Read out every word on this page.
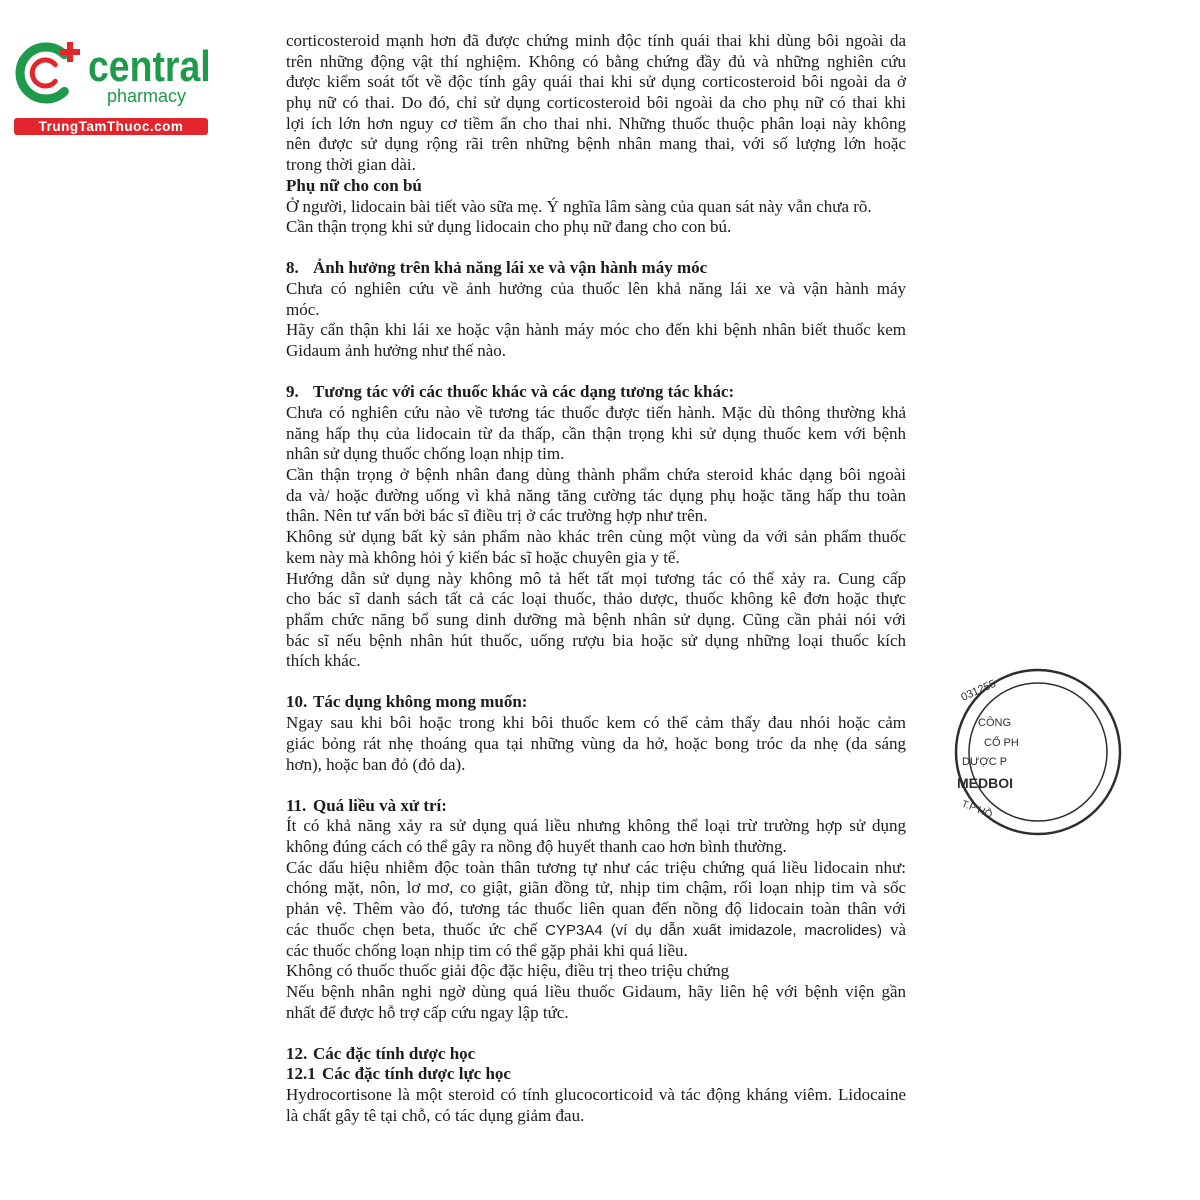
central
pharmacy
TrungTamThuoc.com
031255
CÔNG
CỔ PH
DƯỢC P
MEDBOI
T.P HỒ
corticosteroid mạnh hơn đã được chứng minh độc tính quái thai khi dùng bôi ngoài da
trên những động vật thí nghiệm. Không có bằng chứng đầy đủ và những nghiên cứu
được kiểm soát tốt về độc tính gây quái thai khi sử dụng corticosteroid bôi ngoài da ở
phụ nữ có thai. Do đó, chỉ sử dụng corticosteroid bôi ngoài da cho phụ nữ có thai khi
lợi ích lớn hơn nguy cơ tiềm ẩn cho thai nhi. Những thuốc thuộc phân loại này không
nên được sử dụng rộng rãi trên những bệnh nhân mang thai, với số lượng lớn hoặc
trong thời gian dài.
Phụ nữ cho con bú
Ở người, lidocain bài tiết vào sữa mẹ. Ý nghĩa lâm sàng của quan sát này vẫn chưa rõ.
Cần thận trọng khi sử dụng lidocain cho phụ nữ đang cho con bú.
8. Ảnh hưởng trên khả năng lái xe và vận hành máy móc
Chưa có nghiên cứu về ảnh hưởng của thuốc lên khả năng lái xe và vận hành máy
móc.
Hãy cẩn thận khi lái xe hoặc vận hành máy móc cho đến khi bệnh nhân biết thuốc kem
Gidaum ảnh hưởng như thế nào.
9. Tương tác với các thuốc khác và các dạng tương tác khác:
Chưa có nghiên cứu nào về tương tác thuốc được tiến hành. Mặc dù thông thường khả
năng hấp thụ của lidocain từ da thấp, cần thận trọng khi sử dụng thuốc kem với bệnh
nhân sử dụng thuốc chống loạn nhịp tim.
Cần thận trọng ở bệnh nhân đang dùng thành phẩm chứa steroid khác dạng bôi ngoài
da và/ hoặc đường uống vì khả năng tăng cường tác dụng phụ hoặc tăng hấp thu toàn
thân. Nên tư vấn bởi bác sĩ điều trị ở các trường hợp như trên.
Không sử dụng bất kỳ sản phẩm nào khác trên cùng một vùng da với sản phẩm thuốc
kem này mà không hỏi ý kiến bác sĩ hoặc chuyên gia y tế.
Hướng dẫn sử dụng này không mô tả hết tất mọi tương tác có thể xảy ra. Cung cấp
cho bác sĩ danh sách tất cả các loại thuốc, thảo dược, thuốc không kê đơn hoặc thực
phẩm chức năng bổ sung dinh dưỡng mà bệnh nhân sử dụng. Cũng cần phải nói với
bác sĩ nếu bệnh nhân hút thuốc, uống rượu bia hoặc sử dụng những loại thuốc kích
thích khác.
10. Tác dụng không mong muốn:
Ngay sau khi bôi hoặc trong khi bôi thuốc kem có thể cảm thấy đau nhói hoặc cảm
giác bỏng rát nhẹ thoáng qua tại những vùng da hở, hoặc bong tróc da nhẹ (da sáng
hơn), hoặc ban đỏ (đỏ da).
11. Quá liều và xử trí:
Ít có khả năng xảy ra sử dụng quá liều nhưng không thể loại trừ trường hợp sử dụng
không đúng cách có thể gây ra nồng độ huyết thanh cao hơn bình thường.
Các dấu hiệu nhiễm độc toàn thân tương tự như các triệu chứng quá liều lidocain như:
chóng mặt, nôn, lơ mơ, co giật, giãn đồng tử, nhịp tim chậm, rối loạn nhịp tim và sốc
phản vệ. Thêm vào đó, tương tác thuốc liên quan đến nồng độ lidocain toàn thân với
các thuốc chẹn beta, thuốc ức chế CYP3A4 (ví dụ dẫn xuất imidazole, macrolides) và
các thuốc chống loạn nhịp tim có thể gặp phải khi quá liều.
Không có thuốc thuốc giải độc đặc hiệu, điều trị theo triệu chứng
Nếu bệnh nhân nghi ngờ dùng quá liều thuốc Gidaum, hãy liên hệ với bệnh viện gần
nhất để được hỗ trợ cấp cứu ngay lập tức.
12. Các đặc tính dược học
12.1 Các đặc tính dược lực học
Hydrocortisone là một steroid có tính glucocorticoid và tác động kháng viêm. Lidocaine
là chất gây tê tại chỗ, có tác dụng giảm đau.
